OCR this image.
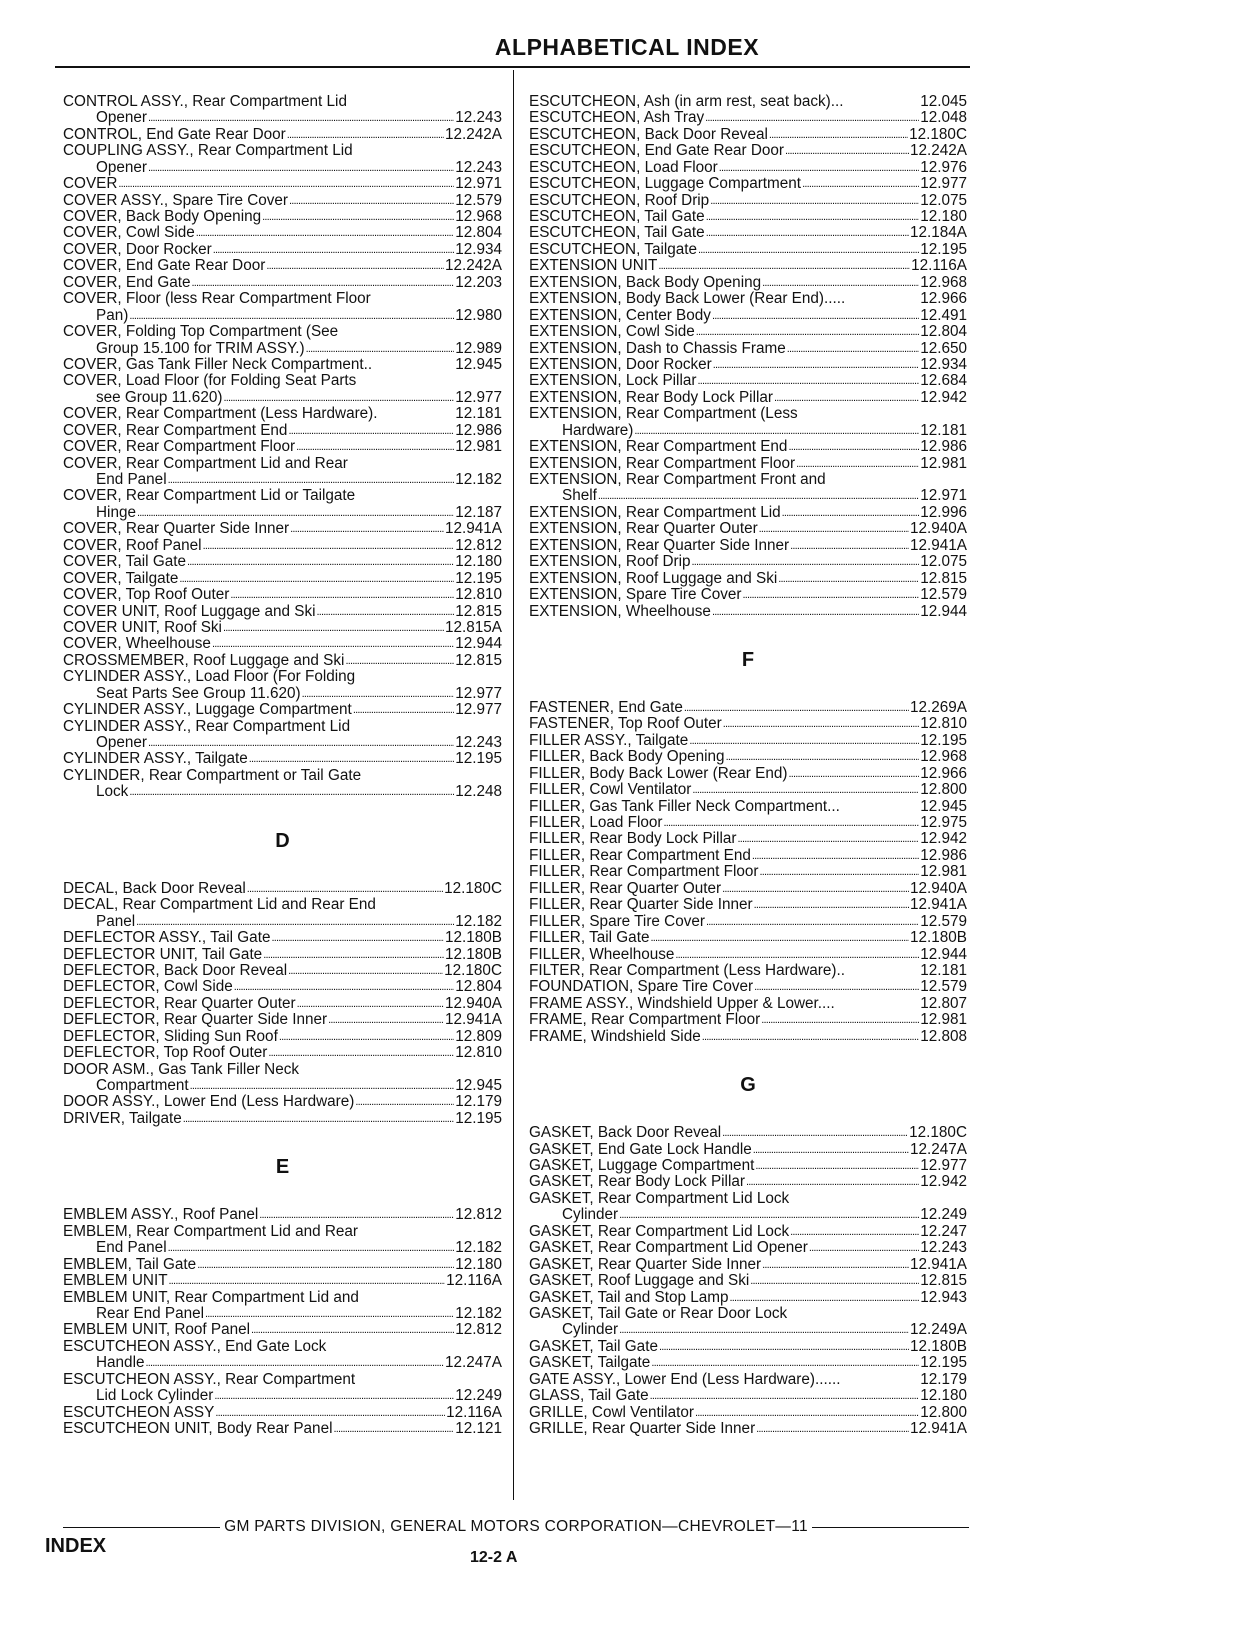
ALPHABETICAL INDEX
CONTROL ASSY., Rear Compartment Lid
Opener .....	12.243
CONTROL, End Gate Rear Door .....	12.242A
COUPLING ASSY., Rear Compartment Lid
Opener .....	12.243
COVER .....	12.971
COVER ASSY., Spare Tire Cover .....	12.579
COVER, Back Body Opening .....	12.968
COVER, Cowl Side .....	12.804
COVER, Door Rocker .....	12.934
COVER, End Gate Rear Door .....	12.242A
COVER, End Gate .....	12.203
COVER, Floor (less Rear Compartment Floor
Pan) .....	12.980
COVER, Folding Top Compartment (See
Group 15.100 for TRIM ASSY.) .....	12.989
COVER, Gas Tank Filler Neck Compartment..	12.945
COVER, Load Floor (for Folding Seat Parts
see Group 11.620) .....	12.977
COVER, Rear Compartment (Less Hardware).	12.181
COVER, Rear Compartment End .....	12.986
COVER, Rear Compartment Floor .....	12.981
COVER, Rear Compartment Lid and Rear
End Panel .....	12.182
COVER, Rear Compartment Lid or Tailgate
Hinge .....	12.187
COVER, Rear Quarter Side Inner .....	12.941A
COVER, Roof Panel .....	12.812
COVER, Tail Gate .....	12.180
COVER, Tailgate .....	12.195
COVER, Top Roof Outer .....	12.810
COVER UNIT, Roof Luggage and Ski .....	12.815
COVER UNIT, Roof Ski .....	12.815A
COVER, Wheelhouse .....	12.944
CROSSMEMBER, Roof Luggage and Ski .....	12.815
CYLINDER ASSY., Load Floor (For Folding
Seat Parts See Group 11.620) .....	12.977
CYLINDER ASSY., Luggage Compartment .....	12.977
CYLINDER ASSY., Rear Compartment Lid
Opener .....	12.243
CYLINDER ASSY., Tailgate .....	12.195
CYLINDER, Rear Compartment or Tail Gate
Lock .....	12.248
D
DECAL, Back Door Reveal .....	12.180C
DECAL, Rear Compartment Lid and Rear End
Panel .....	12.182
DEFLECTOR ASSY., Tail Gate .....	12.180B
DEFLECTOR UNIT, Tail Gate .....	12.180B
DEFLECTOR, Back Door Reveal .....	12.180C
DEFLECTOR, Cowl Side .....	12.804
DEFLECTOR, Rear Quarter Outer .....	12.940A
DEFLECTOR, Rear Quarter Side Inner .....	12.941A
DEFLECTOR, Sliding Sun Roof .....	12.809
DEFLECTOR, Top Roof Outer .....	12.810
DOOR ASM., Gas Tank Filler Neck
Compartment .....	12.945
DOOR ASSY., Lower End (Less Hardware) .....	12.179
DRIVER, Tailgate .....	12.195
E
EMBLEM ASSY., Roof Panel .....	12.812
EMBLEM, Rear Compartment Lid and Rear
End Panel .....	12.182
EMBLEM, Tail Gate .....	12.180
EMBLEM UNIT .....	12.116A
EMBLEM UNIT, Rear Compartment Lid and
Rear End Panel .....	12.182
EMBLEM UNIT, Roof Panel .....	12.812
ESCUTCHEON ASSY., End Gate Lock
Handle .....	12.247A
ESCUTCHEON ASSY., Rear Compartment
Lid Lock Cylinder .....	12.249
ESCUTCHEON ASSY .....	12.116A
ESCUTCHEON UNIT, Body Rear Panel .....	12.121
ESCUTCHEON, Ash (in arm rest, seat back)...	12.045
ESCUTCHEON, Ash Tray .....	12.048
ESCUTCHEON, Back Door Reveal .....	12.180C
ESCUTCHEON, End Gate Rear Door .....	12.242A
ESCUTCHEON, Load Floor .....	12.976
ESCUTCHEON, Luggage Compartment .....	12.977
ESCUTCHEON, Roof Drip .....	12.075
ESCUTCHEON, Tail Gate .....	12.180
ESCUTCHEON, Tail Gate .....	12.184A
ESCUTCHEON, Tailgate .....	12.195
EXTENSION UNIT .....	12.116A
EXTENSION, Back Body Opening .....	12.968
EXTENSION, Body Back Lower (Rear End).....	12.966
EXTENSION, Center Body .....	12.491
EXTENSION, Cowl Side .....	12.804
EXTENSION, Dash to Chassis Frame .....	12.650
EXTENSION, Door Rocker .....	12.934
EXTENSION, Lock Pillar .....	12.684
EXTENSION, Rear Body Lock Pillar .....	12.942
EXTENSION, Rear Compartment (Less
Hardware) .....	12.181
EXTENSION, Rear Compartment End .....	12.986
EXTENSION, Rear Compartment Floor .....	12.981
EXTENSION, Rear Compartment Front and
Shelf .....	12.971
EXTENSION, Rear Compartment Lid .....	12.996
EXTENSION, Rear Quarter Outer .....	12.940A
EXTENSION, Rear Quarter Side Inner .....	12.941A
EXTENSION, Roof Drip .....	12.075
EXTENSION, Roof Luggage and Ski .....	12.815
EXTENSION, Spare Tire Cover .....	12.579
EXTENSION, Wheelhouse .....	12.944
F
FASTENER, End Gate .....	12.269A
FASTENER, Top Roof Outer .....	12.810
FILLER ASSY., Tailgate .....	12.195
FILLER, Back Body Opening .....	12.968
FILLER, Body Back Lower (Rear End) .....	12.966
FILLER, Cowl Ventilator .....	12.800
FILLER, Gas Tank Filler Neck Compartment...	12.945
FILLER, Load Floor .....	12.975
FILLER, Rear Body Lock Pillar .....	12.942
FILLER, Rear Compartment End .....	12.986
FILLER, Rear Compartment Floor .....	12.981
FILLER, Rear Quarter Outer .....	12.940A
FILLER, Rear Quarter Side Inner .....	12.941A
FILLER, Spare Tire Cover .....	12.579
FILLER, Tail Gate .....	12.180B
FILLER, Wheelhouse .....	12.944
FILTER, Rear Compartment (Less Hardware)..	12.181
FOUNDATION, Spare Tire Cover .....	12.579
FRAME ASSY., Windshield Upper & Lower....	12.807
FRAME, Rear Compartment Floor .....	12.981
FRAME, Windshield Side .....	12.808
G
GASKET, Back Door Reveal .....	12.180C
GASKET, End Gate Lock Handle .....	12.247A
GASKET, Luggage Compartment .....	12.977
GASKET, Rear Body Lock Pillar .....	12.942
GASKET, Rear Compartment Lid Lock
Cylinder .....	12.249
GASKET, Rear Compartment Lid Lock .....	12.247
GASKET, Rear Compartment Lid Opener .....	12.243
GASKET, Rear Quarter Side Inner .....	12.941A
GASKET, Roof Luggage and Ski .....	12.815
GASKET, Tail and Stop Lamp .....	12.943
GASKET, Tail Gate or Rear Door Lock
Cylinder .....	12.249A
GASKET, Tail Gate .....	12.180B
GASKET, Tailgate .....	12.195
GATE ASSY., Lower End (Less Hardware)......	12.179
GLASS, Tail Gate .....	12.180
GRILLE, Cowl Ventilator .....	12.800
GRILLE, Rear Quarter Side Inner .....	12.941A
GM PARTS DIVISION, GENERAL MOTORS CORPORATION—CHEVROLET—11
INDEX
12-2 A
